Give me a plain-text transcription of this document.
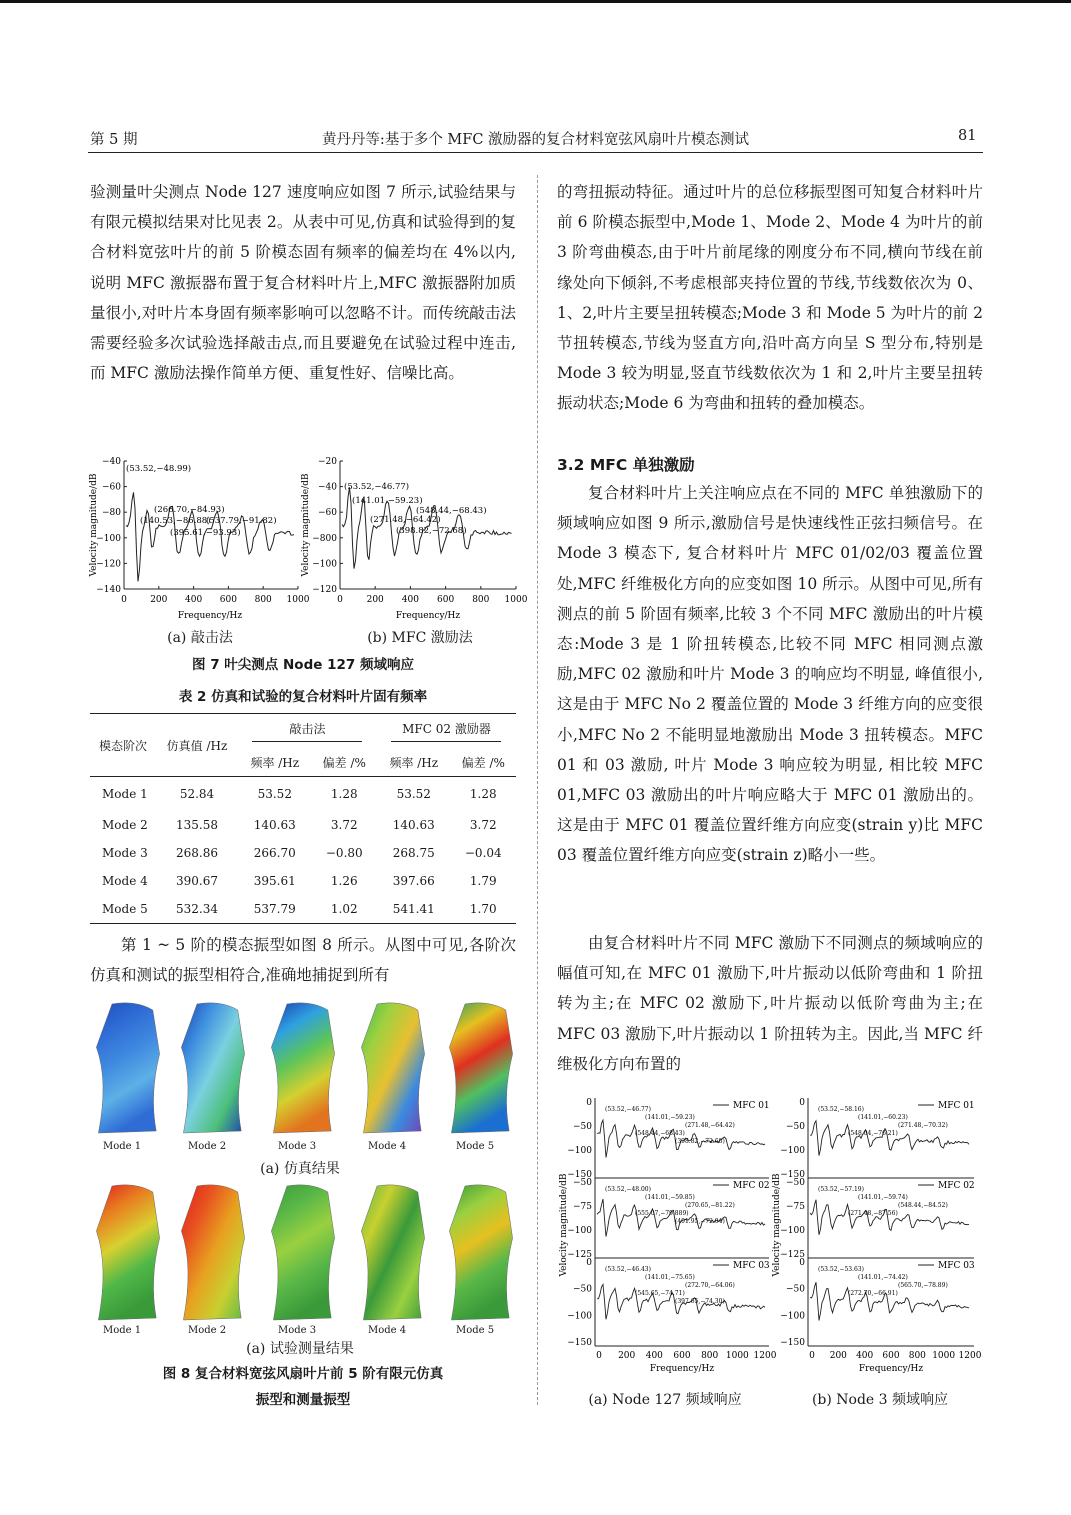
第 5 期	黄丹丹等:基于多个 MFC 激励器的复合材料宽弦风扇叶片模态测试	81

验测量叶尖测点 Node 127 速度响应如图 7 所示,试验结果与有限元模拟结果对比见表 2。从表中可见,仿真和试验得到的复合材料宽弦叶片的前 5 阶模态固有频率的偏差均在 4%以内,说明 MFC 激振器布置于复合材料叶片上,MFC 激振器附加质量很小,对叶片本身固有频率影响可以忽略不计。而传统敲击法需要经验多次试验选择敲击点,而且要避免在试验过程中连击, 而 MFC 激励法操作简单方便、重复性好、信噪比高。

−40
−60
−80
−100
−120
−140
0	200 400 600 800 1000
(53.52,−48.99)
(266.70,−84.93)
(140.53,−86.88)
(537.79,−91.82)
(395.61,−93.93)
Frequency/Hz
Velocity magnitude/dB
−20
−40
−60
−800
−100
−120
0	200 400 600 800 1000
(53.52,−46.77)
(141.01,−59.23)
(548.44,−68.43)
(271.48,−64.42)
(398.82,−72.68)
Frequency/Hz
Velocity magnitude/dB
(a) 敲击法	(b) MFC 激励法
图 7 叶尖测点 Node 127 频域响应
表 2 仿真和试验的复合材料叶片固有频率
模态阶次	仿真值 /Hz	敲击法		MFC 02 激励器	
		频率 /Hz	偏差 /%	频率 /Hz	偏差 /%
Mode 1	52.84	53.52	1.28	53.52	1.28
Mode 2	135.58	140.63	3.72	140.63	3.72
Mode 3	268.86	266.70	−0.80	268.75	−0.04
Mode 4	390.67	395.61	1.26	397.66	1.79
Mode 5	532.34	537.79	1.02	541.41	1.70

第 1 ~ 5 阶的模态振型如图 8 所示。从图中可见,各阶次仿真和测试的振型相符合,准确地捕捉到所有

Mode 1
Mode 1
Mode 2
Mode 2
Mode 3
Mode 3
Mode 4
Mode 4
Mode 5
Mode 5
(a) 仿真结果
(a) 试验测量结果
图 8 复合材料宽弦风扇叶片前 5 阶有限元仿真
振型和测量振型

的弯扭振动特征。通过叶片的总位移振型图可知复合材料叶片前 6 阶模态振型中,Mode 1、Mode 2、Mode 4 为叶片的前 3 阶弯曲模态,由于叶片前尾缘的刚度分布不同,横向节线在前缘处向下倾斜,不考虑根部夹持位置的节线,节线数依次为 0、1、2,叶片主要呈扭转模态;Mode 3 和 Mode 5 为叶片的前 2 节扭转模态,节线为竖直方向,沿叶高方向呈 S 型分布,特别是 Mode 3 较为明显,竖直节线数依次为 1 和 2,叶片主要呈扭转振动状态;Mode 6 为弯曲和扭转的叠加模态。

3.2 MFC 单独激励

复合材料叶片上关注响应点在不同的 MFC 单独激励下的频域响应如图 9 所示,激励信号是快速线性正弦扫频信号。在 Mode 3 模态下, 复合材料叶片 MFC 01/02/03 覆盖位置处,MFC 纤维极化方向的应变如图 10 所示。从图中可见,所有测点的前 5 阶固有频率,比较 3 个不同 MFC 激励出的叶片模态:Mode 3 是 1 阶扭转模态,比较不同 MFC 相同测点激励,MFC 02 激励和叶片 Mode 3 的响应均不明显, 峰值很小,这是由于 MFC No 2 覆盖位置的 Mode 3 纤维方向的应变很小,MFC No 2 不能明显地激励出 Mode 3 扭转模态。MFC 01 和 03 激励, 叶片 Mode 3 响应较为明显, 相比较 MFC 01,MFC 03 激励出的叶片响应略大于 MFC 01 激励出的。这是由于 MFC 01 覆盖位置纤维方向应变(strain y)比 MFC 03 覆盖位置纤维方向应变(strain z)略小一些。

由复合材料叶片不同 MFC 激励下不同测点的频域响应的幅值可知,在 MFC 01 激励下,叶片振动以低阶弯曲和 1 阶扭转为主;在 MFC 02 激励下,叶片振动以低阶弯曲为主;在 MFC 03 激励下,叶片振动以 1 阶扭转为主。因此,当 MFC 纤维极化方向布置的

0
−50
−100
−150
MFC 01
(53.52,−46.77)
(141.01,−59.23)
(271.48,−64.42)
(548.44,−68.43)
(398.82,−72.68)
−50
−75
−100
−125
MFC 02
(53.52,−48.00)
(141.01,−59.85)
(270.65,−81.22)
(555.07,−79.889)
(401.95,−72.04)
0
−50
−100
−150
MFC 03
(53.52,−46.43)
(141.01,−75.65)
(272.70,−64.06)
(545.65,−74.71)
(397.65,−74.30)
0 200 400 600 800 1000 1200
Frequency/Hz
Velocity magnitude/dB
0
−50
−100
−150
MFC 01
(53.52,−58.16)
(141.01,−60.23)
(271.48,−70.32)
(548.04,−76.21)
−50
−75
−100
−125
MFC 02
(53.52,−57.19)
(141.01,−59.74)
(548.44,−84.52)
(271.48,−87.56)
0
−50
−100
−150
MFC 03
(53.52,−53.63)
(141.01,−74.42)
(565.70,−78.89)
(272.70,−66.91)
0 200 400 600 800 1000 1200
Frequency/Hz
Velocity magnitude/dB
(a) Node 127 频域响应	(b) Node 3 频域响应
